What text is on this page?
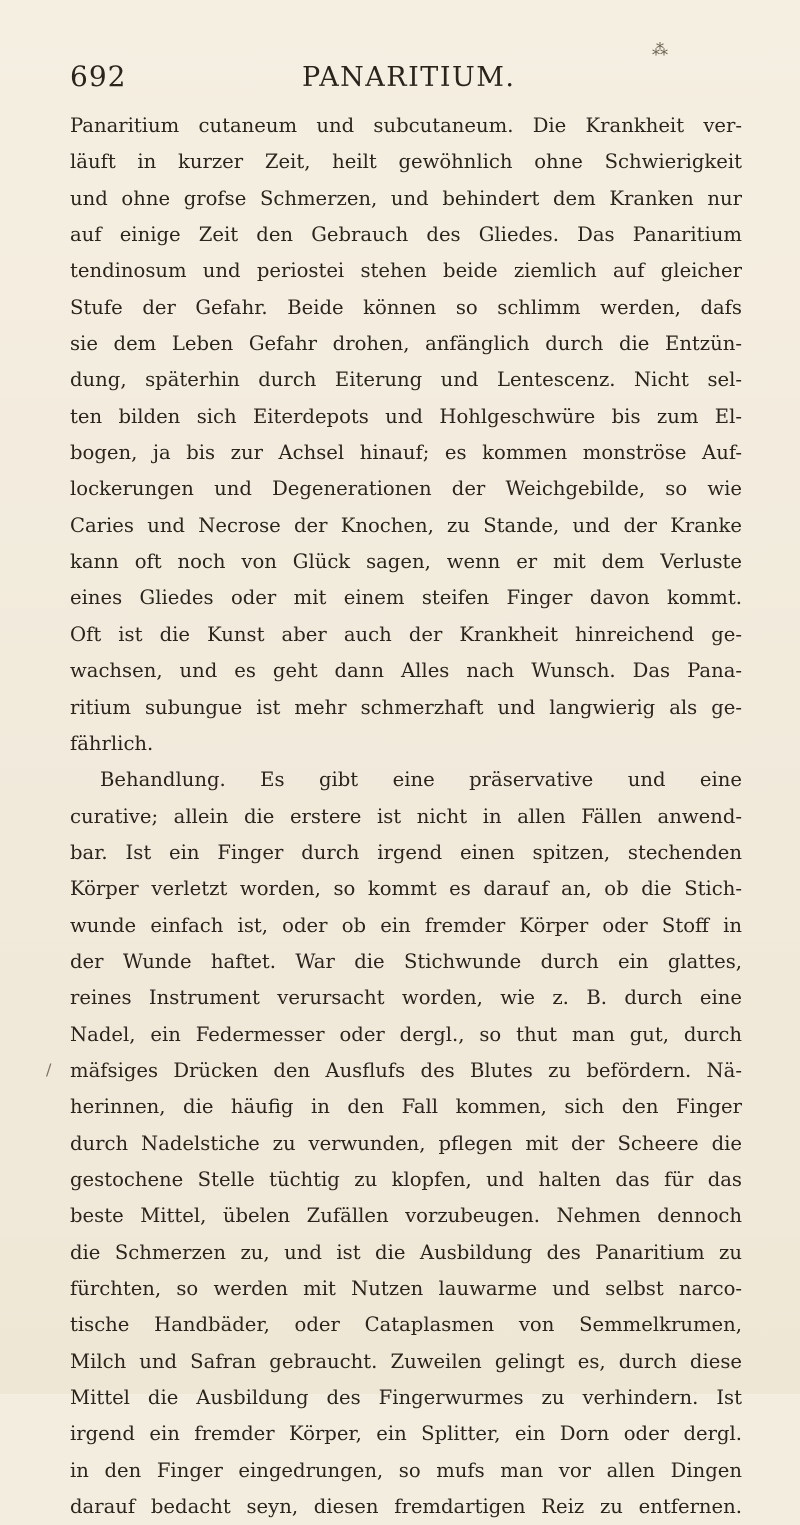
⁂
692	PANARITIUM.
/
Panaritium cutaneum und subcutaneum. Die Krankheit ver-
läuft in kurzer Zeit, heilt gewöhnlich ohne Schwierigkeit
und ohne grofse Schmerzen, und behindert dem Kranken nur
auf einige Zeit den Gebrauch des Gliedes. Das Panaritium
tendinosum und periostei stehen beide ziemlich auf gleicher
Stufe der Gefahr. Beide können so schlimm werden, dafs
sie dem Leben Gefahr drohen, anfänglich durch die Entzün-
dung, späterhin durch Eiterung und Lentescenz. Nicht sel-
ten bilden sich Eiterdepots und Hohlgeschwüre bis zum El-
bogen, ja bis zur Achsel hinauf; es kommen monströse Auf-
lockerungen und Degenerationen der Weichgebilde, so wie
Caries und Necrose der Knochen, zu Stande, und der Kranke
kann oft noch von Glück sagen, wenn er mit dem Verluste
eines Gliedes oder mit einem steifen Finger davon kommt.
Oft ist die Kunst aber auch der Krankheit hinreichend ge-
wachsen, und es geht dann Alles nach Wunsch. Das Pana-
ritium subungue ist mehr schmerzhaft und langwierig als ge-
fährlich.
Behandlung. Es gibt eine präservative und eine
curative; allein die erstere ist nicht in allen Fällen anwend-
bar. Ist ein Finger durch irgend einen spitzen, stechenden
Körper verletzt worden, so kommt es darauf an, ob die Stich-
wunde einfach ist, oder ob ein fremder Körper oder Stoff in
der Wunde haftet. War die Stichwunde durch ein glattes,
reines Instrument verursacht worden, wie z. B. durch eine
Nadel, ein Federmesser oder dergl., so thut man gut, durch
mäfsiges Drücken den Ausflufs des Blutes zu befördern. Nä-
herinnen, die häufig in den Fall kommen, sich den Finger
durch Nadelstiche zu verwunden, pflegen mit der Scheere die
gestochene Stelle tüchtig zu klopfen, und halten das für das
beste Mittel, übelen Zufällen vorzubeugen. Nehmen dennoch
die Schmerzen zu, und ist die Ausbildung des Panaritium zu
fürchten, so werden mit Nutzen lauwarme und selbst narco-
tische Handbäder, oder Cataplasmen von Semmelkrumen,
Milch und Safran gebraucht. Zuweilen gelingt es, durch diese
Mittel die Ausbildung des Fingerwurmes zu verhindern. Ist
irgend ein fremder Körper, ein Splitter, ein Dorn oder dergl.
in den Finger eingedrungen, so mufs man vor allen Dingen
darauf bedacht seyn, diesen fremdartigen Reiz zu entfernen.
